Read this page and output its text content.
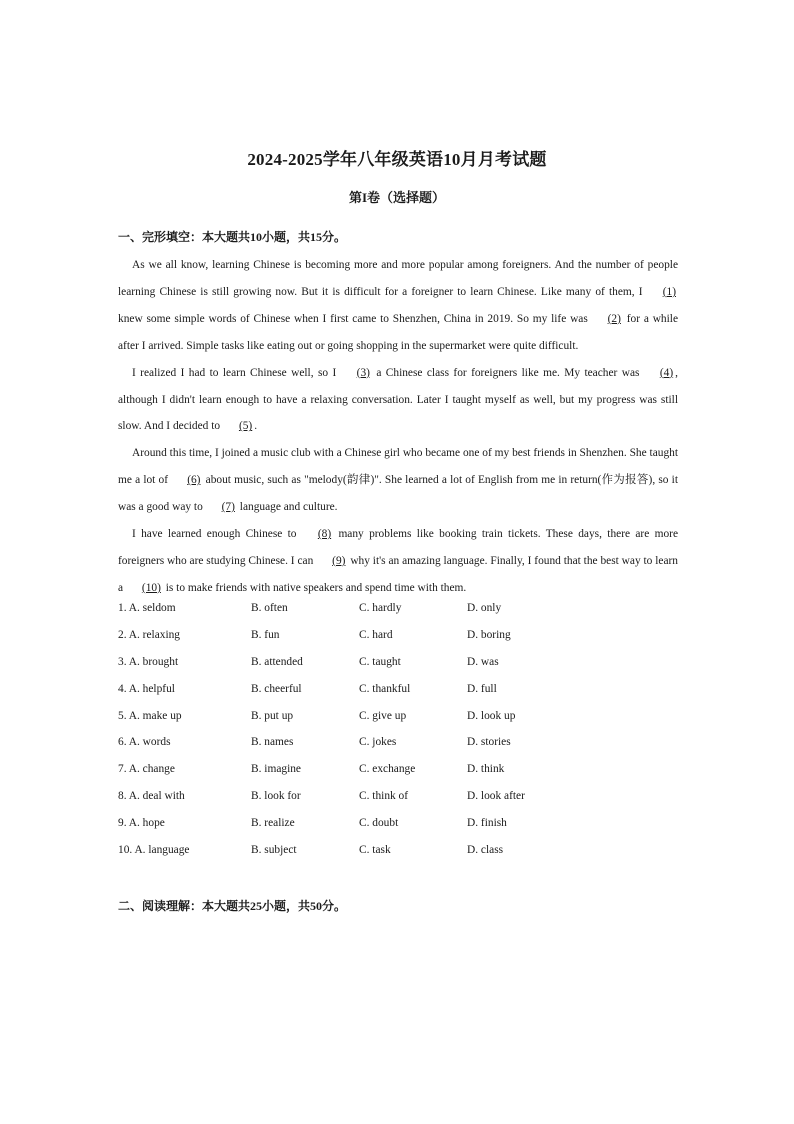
2024-2025学年八年级英语10月月考试题
第I卷（选择题）
一、完形填空：本大题共10小题，共15分。

As we all know, learning Chinese is becoming more and more popular among foreigners. And the number of people learning Chinese is still growing now. But it is difficult for a foreigner to learn Chinese. Like many of them, I (1) knew some simple words of Chinese when I first came to Shenzhen, China in 2019. So my life was (2) for a while after I arrived. Simple tasks like eating out or going shopping in the supermarket were quite difficult.

I realized I had to learn Chinese well, so I (3) a Chinese class for foreigners like me. My teacher was (4) , although I didn't learn enough to have a relaxing conversation. Later I taught myself as well, but my progress was still slow. And I decided to (5) .

Around this time, I joined a music club with a Chinese girl who became one of my best friends in Shenzhen. She taught me a lot of (6) about music, such as "melody(韵律)". She learned a lot of English from me in return(作为报答), so it was a good way to (7) language and culture.

I have learned enough Chinese to (8) many problems like booking train tickets. These days, there are more foreigners who are studying Chinese. I can (9) why it's an amazing language. Finally, I found that the best way to learn a (10) is to make friends with native speakers and spend time with them.

1. A. seldom	B. often	C. hardly	D. only
2. A. relaxing	B. fun	C. hard	D. boring
3. A. brought	B. attended	C. taught	D. was
4. A. helpful	B. cheerful	C. thankful	D. full
5. A. make up	B. put up	C. give up	D. look up
6. A. words	B. names	C. jokes	D. stories
7. A. change	B. imagine	C. exchange	D. think
8. A. deal with	B. look for	C. think of	D. look after
9. A. hope	B. realize	C. doubt	D. finish
10. A. language	B. subject	C. task	D. class
二、阅读理解：本大题共25小题，共50分。
